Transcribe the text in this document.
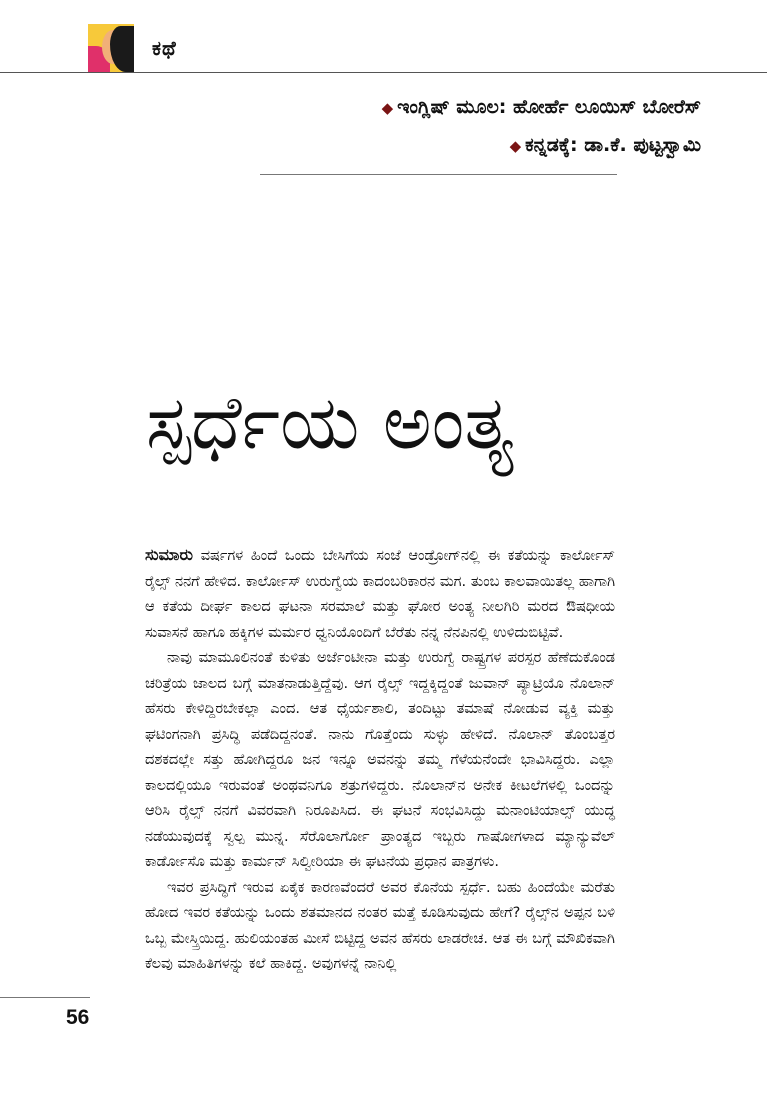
ಕಥೆ
◆ ಇಂಗ್ಲಿಷ್ ಮೂಲ: ಹೋರ್ಹೆ ಲೂಯಿಸ್ ಬೋರೆಸ್
◆ ಕನ್ನಡಕ್ಕೆ: ಡಾ.ಕೆ. ಪುಟ್ಟಸ್ವಾಮಿ
ಸ್ಪರ್ಧೆಯ ಅಂತ್ಯ

ಸುಮಾರು ವರ್ಷಗಳ ಹಿಂದೆ ಒಂದು ಬೇಸಿಗೆಯ ಸಂಜೆ ಆಂಡ್ರೋಗ್‌ನಲ್ಲಿ ಈ ಕತೆಯನ್ನು ಕಾರ್ಲೋಸ್ ರೈಲ್ಸ್ ನನಗೆ ಹೇಳಿದ. ಕಾರ್ಲೋಸ್ ಉರುಗ್ವೆಯ ಕಾದಂಬರಿಕಾರನ ಮಗ. ತುಂಬ ಕಾಲವಾಯಿತಲ್ಲ ಹಾಗಾಗಿ ಆ ಕತೆಯ ದೀರ್ಘ ಕಾಲದ ಘಟನಾ ಸರಮಾಲೆ ಮತ್ತು ಘೋರ ಅಂತ್ಯ ನೀಲಗಿರಿ ಮರದ ಔಷಧೀಯ ಸುವಾಸನೆ ಹಾಗೂ ಹಕ್ಕಿಗಳ ಮರ್ಮರ ಧ್ವನಿಯೊಂದಿಗೆ ಬೆರೆತು ನನ್ನ ನೆನಪಿನಲ್ಲಿ ಉಳಿದುಬಿಟ್ಟಿವೆ.

ನಾವು ಮಾಮೂಲಿನಂತೆ ಕುಳಿತು ಅರ್ಜೆಂಟೀನಾ ಮತ್ತು ಉರುಗ್ವೆ ರಾಷ್ಟ್ರಗಳ ಪರಸ್ಪರ ಹೆಣೆದುಕೊಂಡ ಚರಿತ್ರೆಯ ಜಾಲದ ಬಗ್ಗೆ ಮಾತನಾಡುತ್ತಿದ್ದೆವು. ಆಗ ರೈಲ್ಸ್ ಇದ್ದಕ್ಕಿದ್ದಂತೆ ಜುವಾನ್ ಪ್ಯಾಟ್ರಿಯೊ ನೊಲಾನ್ ಹೆಸರು ಕೇಳಿದ್ದಿರಬೇಕಲ್ಲಾ ಎಂದ. ಆತ ಧೈರ್ಯಶಾಲಿ, ತಂದಿಟ್ಟು ತಮಾಷೆ ನೋಡುವ ವ್ಯಕ್ತಿ ಮತ್ತು ಘಟಿಂಗನಾಗಿ ಪ್ರಸಿದ್ಧಿ ಪಡೆದಿದ್ದನಂತೆ. ನಾನು ಗೊತ್ತೆಂದು ಸುಳ್ಳು ಹೇಳಿದೆ. ನೊಲಾನ್ ತೊಂಬತ್ತರ ದಶಕದಲ್ಲೇ ಸತ್ತು ಹೋಗಿದ್ದರೂ ಜನ ಇನ್ನೂ ಅವನನ್ನು ತಮ್ಮ ಗೆಳೆಯನೆಂದೇ ಭಾವಿಸಿದ್ದರು. ಎಲ್ಲಾ ಕಾಲದಲ್ಲಿಯೂ ಇರುವಂತೆ ಅಂಥವನಿಗೂ ಶತ್ರುಗಳಿದ್ದರು. ನೊಲಾನ್‌ನ ಅನೇಕ ಕೀಟಲೆಗಳಲ್ಲಿ ಒಂದನ್ನು ಆರಿಸಿ ರೈಲ್ಸ್ ನನಗೆ ವಿವರವಾಗಿ ನಿರೂಪಿಸಿದ. ಈ ಘಟನೆ ಸಂಭವಿಸಿದ್ದು ಮನಾಂಟಿಯಾಲ್ಸ್ ಯುದ್ಧ ನಡೆಯುವುದಕ್ಕೆ ಸ್ವಲ್ಪ ಮುನ್ನ. ಸೆರೊಲಾರ್ಗೋ ಪ್ರಾಂತ್ಯದ ಇಬ್ಬರು ಗಾಷೋಗಳಾದ ಮ್ಯಾನ್ಯುವೆಲ್ ಕಾರ್ಡೋಸೊ ಮತ್ತು ಕಾರ್ಮನ್ ಸಿಲ್ವೀರಿಯಾ ಈ ಘಟನೆಯ ಪ್ರಧಾನ ಪಾತ್ರಗಳು.

ಇವರ ಪ್ರಸಿದ್ಧಿಗೆ ಇರುವ ಏಕೈಕ ಕಾರಣವೆಂದರೆ ಅವರ ಕೊನೆಯ ಸ್ಪರ್ಧೆ. ಬಹು ಹಿಂದೆಯೇ ಮರೆತು ಹೋದ ಇವರ ಕತೆಯನ್ನು ಒಂದು ಶತಮಾನದ ನಂತರ ಮತ್ತೆ ಕೂಡಿಸುವುದು ಹೇಗೆ? ರೈಲ್ಸ್‌ನ ಅಪ್ಪನ ಬಳಿ ಒಬ್ಬ ಮೇಸ್ತ್ರಿಯಿದ್ದ. ಹುಲಿಯಂತಹ ಮೀಸೆ ಬಿಟ್ಟಿದ್ದ ಅವನ ಹೆಸರು ಲಾಡರೇಚ. ಆತ ಈ ಬಗ್ಗೆ ಮೌಖಿಕವಾಗಿ ಕೆಲವು ಮಾಹಿತಿಗಳನ್ನು ಕಲೆ ಹಾಕಿದ್ದ. ಅವುಗಳನ್ನೆ ನಾನಿಲ್ಲಿ

56
